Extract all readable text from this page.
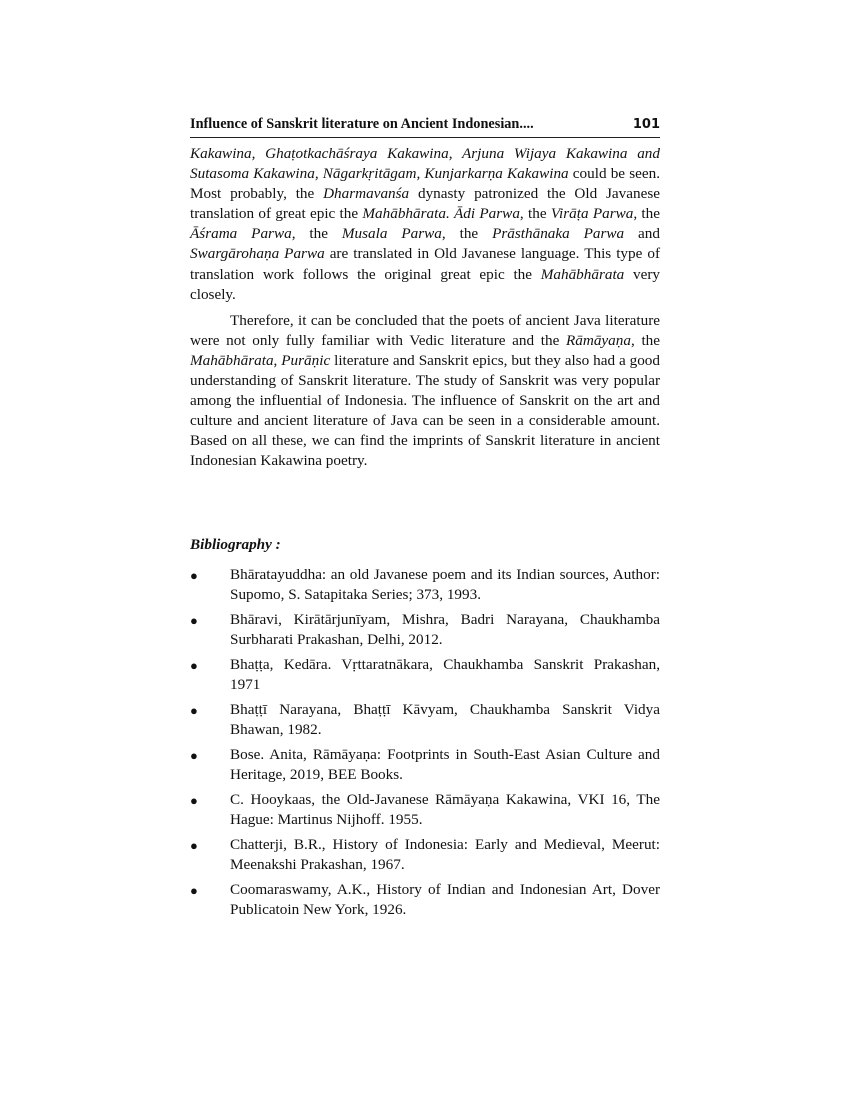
Influence of Sanskrit literature on Ancient Indonesian....	101

Kakawina, Ghaṭotkachāśraya Kakawina, Arjuna Wijaya Kakawina and Sutasoma Kakawina, Nāgarkṛitāgam, Kunjarkarṇa Kakawina could be seen. Most probably, the Dharmavanśa dynasty patronized the Old Javanese translation of great epic the Mahābhārata. Ādi Parwa, the Virāṭa Parwa, the Āśrama Parwa, the Musala Parwa, the Prāsthānaka Parwa and Swargārohaṇa Parwa are translated in Old Javanese language. This type of translation work follows the original great epic the Mahābhārata very closely.

Therefore, it can be concluded that the poets of ancient Java literature were not only fully familiar with Vedic literature and the Rāmāyaṇa, the Mahābhārata, Purāṇic literature and Sanskrit epics, but they also had a good understanding of Sanskrit literature. The study of Sanskrit was very popular among the influential of Indonesia. The influence of Sanskrit on the art and culture and ancient literature of Java can be seen in a considerable amount. Based on all these, we can find the imprints of Sanskrit literature in ancient Indonesian Kakawina poetry.

Bibliography :
●	Bhāratayuddha: an old Javanese poem and its Indian sources, Author: Supomo, S. Satapitaka Series; 373, 1993.
●	Bhāravi, Kirātārjunīyam, Mishra, Badri Narayana, Chaukhamba Surbharati Prakashan, Delhi, 2012.
●	Bhaṭṭa, Kedāra. Vṛttaratnākara, Chaukhamba Sanskrit Prakashan, 1971
●	Bhaṭṭī Narayana, Bhaṭṭī Kāvyam, Chaukhamba Sanskrit Vidya Bhawan, 1982.
●	Bose. Anita, Rāmāyaṇa: Footprints in South-East Asian Culture and Heritage, 2019, BEE Books.
●	C. Hooykaas, the Old-Javanese Rāmāyaṇa Kakawina, VKI 16, The Hague: Martinus Nijhoff. 1955.
●	Chatterji, B.R., History of Indonesia: Early and Medieval, Meerut: Meenakshi Prakashan, 1967.
●	Coomaraswamy, A.K., History of Indian and Indonesian Art, Dover Publicatoin New York, 1926.
